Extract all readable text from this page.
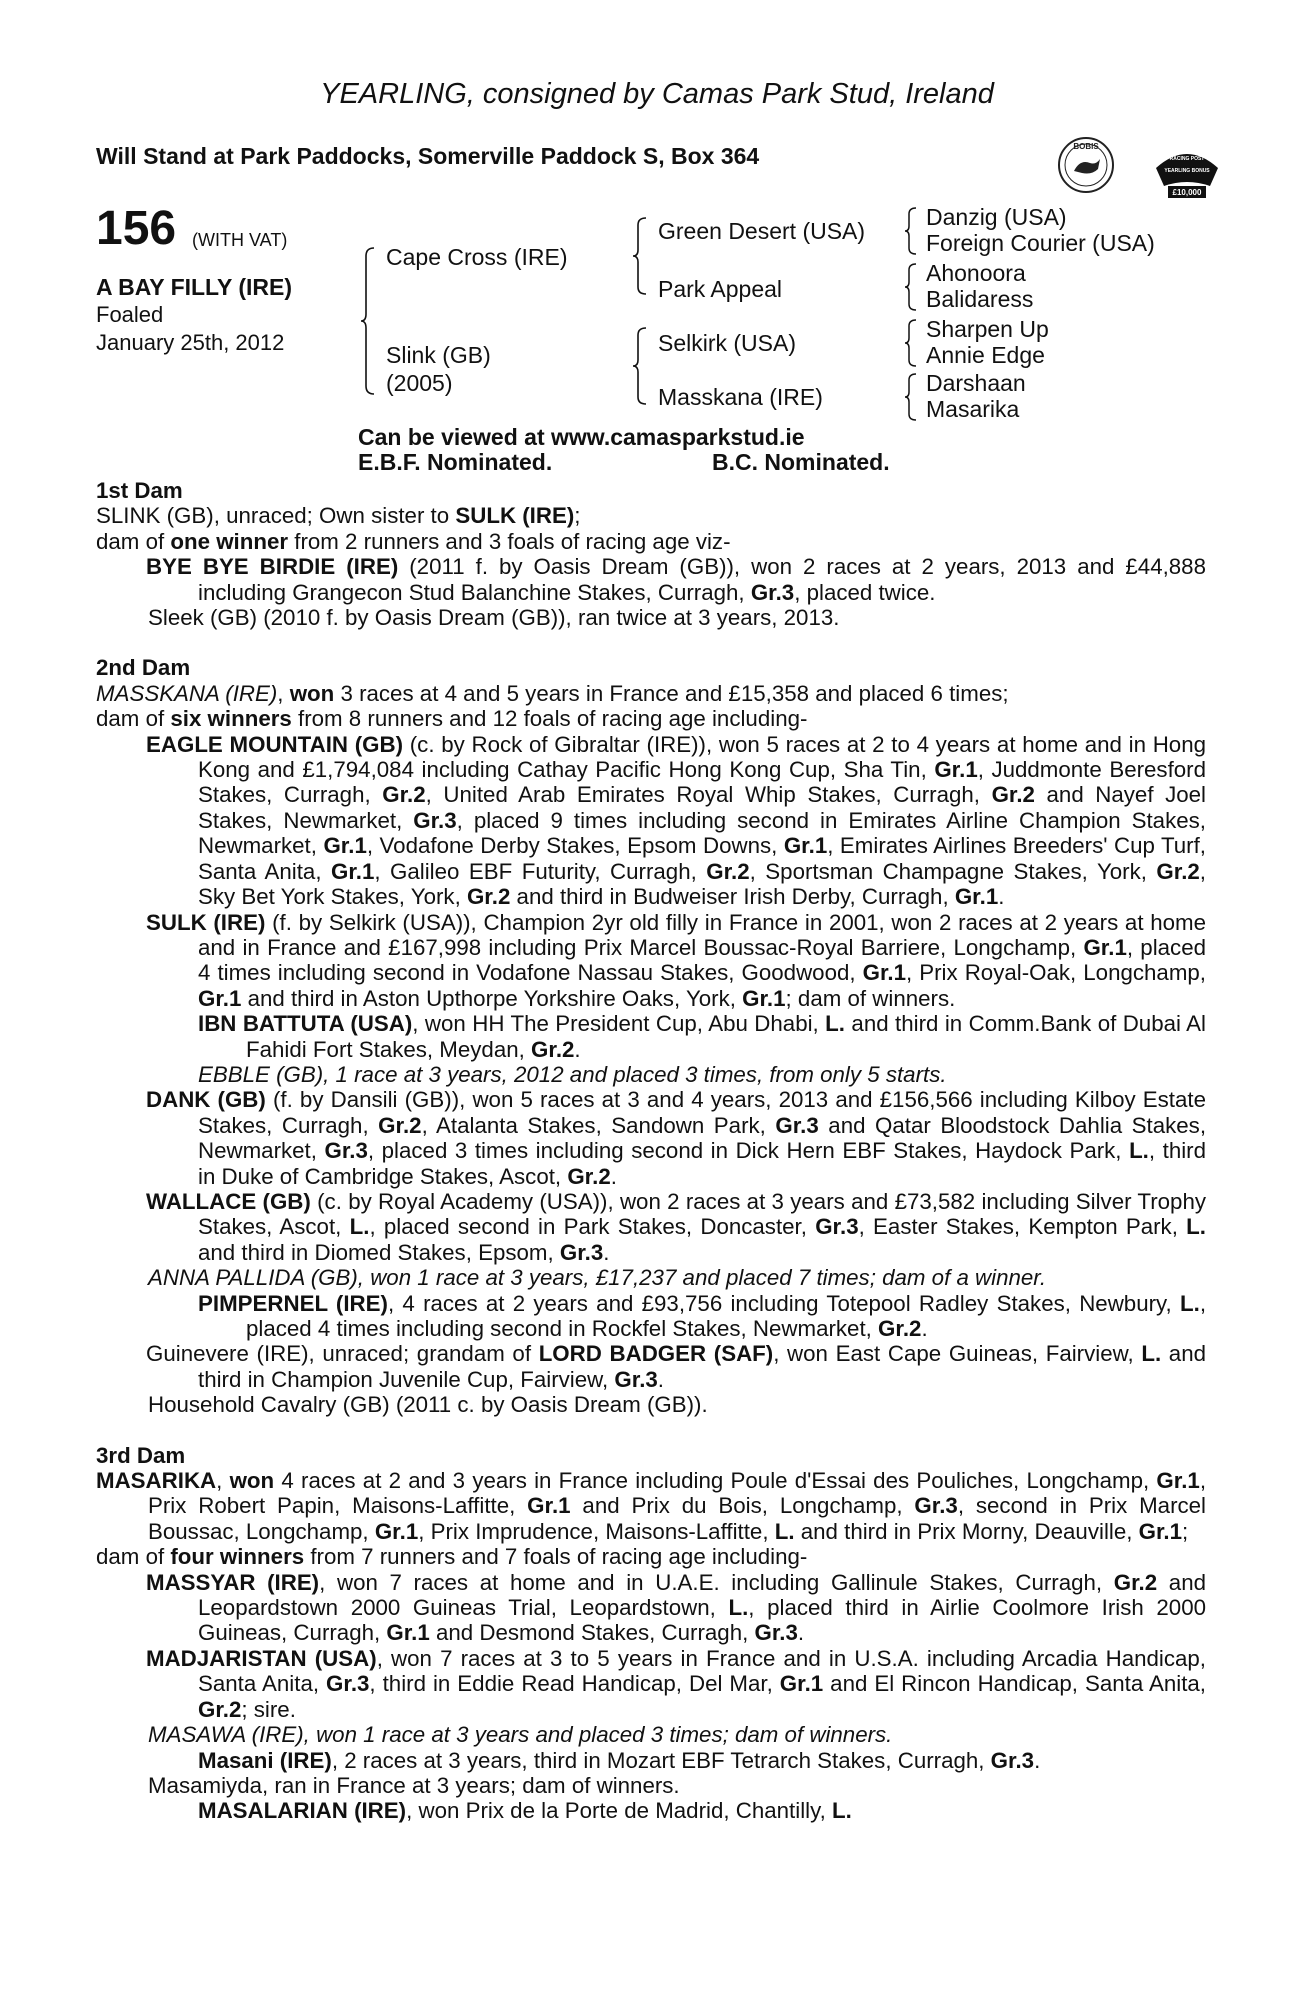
YEARLING, consigned by Camas Park Stud, Ireland
Will Stand at Park Paddocks, Somerville Paddock S, Box 364	BOBIS
RACING POST
YEARLING BONUS
£10,000
156 (WITH VAT)
A BAY FILLY (IRE)
Foaled
January 25th, 2012
Cape Cross (IRE)
Slink (GB)
(2005)
Green Desert (USA)
Park Appeal
Selkirk (USA)
Masskana (IRE)
Danzig (USA)
Foreign Courier (USA)
Ahonoora
Balidaress
Sharpen Up
Annie Edge
Darshaan
Masarika
Can be viewed at www.camasparkstud.ie
E.B.F. Nominated.	B.C. Nominated.
1st Dam

SLINK (GB), unraced; Own sister to SULK (IRE);

dam of one winner from 2 runners and 3 foals of racing age viz-

BYE BYE BIRDIE (IRE) (2011 f. by Oasis Dream (GB)), won 2 races at 2 years, 2013 and £44,888 including Grangecon Stud Balanchine Stakes, Curragh, Gr.3, placed twice.

Sleek (GB) (2010 f. by Oasis Dream (GB)), ran twice at 3 years, 2013.

2nd Dam

MASSKANA (IRE), won 3 races at 4 and 5 years in France and £15,358 and placed 6 times;

dam of six winners from 8 runners and 12 foals of racing age including-

EAGLE MOUNTAIN (GB) (c. by Rock of Gibraltar (IRE)), won 5 races at 2 to 4 years at home and in Hong Kong and £1,794,084 including Cathay Pacific Hong Kong Cup, Sha Tin, Gr.1, Juddmonte Beresford Stakes, Curragh, Gr.2, United Arab Emirates Royal Whip Stakes, Curragh, Gr.2 and Nayef Joel Stakes, Newmarket, Gr.3, placed 9 times including second in Emirates Airline Champion Stakes, Newmarket, Gr.1, Vodafone Derby Stakes, Epsom Downs, Gr.1, Emirates Airlines Breeders' Cup Turf, Santa Anita, Gr.1, Galileo EBF Futurity, Curragh, Gr.2, Sportsman Champagne Stakes, York, Gr.2, Sky Bet York Stakes, York, Gr.2 and third in Budweiser Irish Derby, Curragh, Gr.1.

SULK (IRE) (f. by Selkirk (USA)), Champion 2yr old filly in France in 2001, won 2 races at 2 years at home and in France and £167,998 including Prix Marcel Boussac-Royal Barriere, Longchamp, Gr.1, placed 4 times including second in Vodafone Nassau Stakes, Goodwood, Gr.1, Prix Royal-Oak, Longchamp, Gr.1 and third in Aston Upthorpe Yorkshire Oaks, York, Gr.1; dam of winners.

IBN BATTUTA (USA), won HH The President Cup, Abu Dhabi, L. and third in Comm.Bank of Dubai Al Fahidi Fort Stakes, Meydan, Gr.2.

EBBLE (GB), 1 race at 3 years, 2012 and placed 3 times, from only 5 starts.

DANK (GB) (f. by Dansili (GB)), won 5 races at 3 and 4 years, 2013 and £156,566 including Kilboy Estate Stakes, Curragh, Gr.2, Atalanta Stakes, Sandown Park, Gr.3 and Qatar Bloodstock Dahlia Stakes, Newmarket, Gr.3, placed 3 times including second in Dick Hern EBF Stakes, Haydock Park, L., third in Duke of Cambridge Stakes, Ascot, Gr.2.

WALLACE (GB) (c. by Royal Academy (USA)), won 2 races at 3 years and £73,582 including Silver Trophy Stakes, Ascot, L., placed second in Park Stakes, Doncaster, Gr.3, Easter Stakes, Kempton Park, L. and third in Diomed Stakes, Epsom, Gr.3.

ANNA PALLIDA (GB), won 1 race at 3 years, £17,237 and placed 7 times; dam of a winner.

PIMPERNEL (IRE), 4 races at 2 years and £93,756 including Totepool Radley Stakes, Newbury, L., placed 4 times including second in Rockfel Stakes, Newmarket, Gr.2.

Guinevere (IRE), unraced; grandam of LORD BADGER (SAF), won East Cape Guineas, Fairview, L. and third in Champion Juvenile Cup, Fairview, Gr.3.

Household Cavalry (GB) (2011 c. by Oasis Dream (GB)).

3rd Dam

MASARIKA, won 4 races at 2 and 3 years in France including Poule d'Essai des Pouliches, Longchamp, Gr.1, Prix Robert Papin, Maisons-Laffitte, Gr.1 and Prix du Bois, Longchamp, Gr.3, second in Prix Marcel Boussac, Longchamp, Gr.1, Prix Imprudence, Maisons-Laffitte, L. and third in Prix Morny, Deauville, Gr.1;

dam of four winners from 7 runners and 7 foals of racing age including-

MASSYAR (IRE), won 7 races at home and in U.A.E. including Gallinule Stakes, Curragh, Gr.2 and Leopardstown 2000 Guineas Trial, Leopardstown, L., placed third in Airlie Coolmore Irish 2000 Guineas, Curragh, Gr.1 and Desmond Stakes, Curragh, Gr.3.

MADJARISTAN (USA), won 7 races at 3 to 5 years in France and in U.S.A. including Arcadia Handicap, Santa Anita, Gr.3, third in Eddie Read Handicap, Del Mar, Gr.1 and El Rincon Handicap, Santa Anita, Gr.2; sire.

MASAWA (IRE), won 1 race at 3 years and placed 3 times; dam of winners.

Masani (IRE), 2 races at 3 years, third in Mozart EBF Tetrarch Stakes, Curragh, Gr.3.

Masamiyda, ran in France at 3 years; dam of winners.

MASALARIAN (IRE), won Prix de la Porte de Madrid, Chantilly, L.
